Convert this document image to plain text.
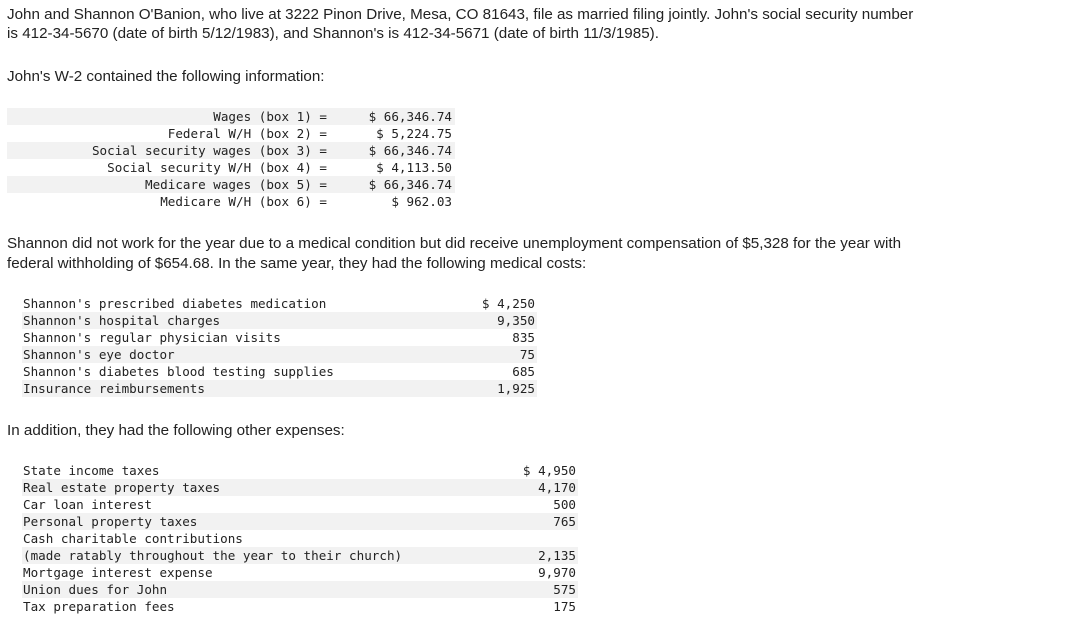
John and Shannon O'Banion, who live at 3222 Pinon Drive, Mesa, CO 81643, file as married filing jointly. John's social security number
is 412-34-5670 (date of birth 5/12/1983), and Shannon's is 412-34-5671 (date of birth 11/3/1985).
John's W-2 contained the following information:
Wages (box 1) =	$ 66,346.74
Federal W/H (box 2) =	$ 5,224.75
Social security wages (box 3) =	$ 66,346.74
Social security W/H (box 4) =	$ 4,113.50
Medicare wages (box 5) =	$ 66,346.74
Medicare W/H (box 6) =	$ 962.03
Shannon did not work for the year due to a medical condition but did receive unemployment compensation of $5,328 for the year with
federal withholding of $654.68. In the same year, they had the following medical costs:
Shannon's prescribed diabetes medication	$ 4,250
Shannon's hospital charges	9,350
Shannon's regular physician visits	835
Shannon's eye doctor	75
Shannon's diabetes blood testing supplies	685
Insurance reimbursements	1,925
In addition, they had the following other expenses:
State income taxes	$ 4,950
Real estate property taxes	4,170
Car loan interest	500
Personal property taxes	765
Cash charitable contributions
(made ratably throughout the year to their church)	2,135
Mortgage interest expense	9,970
Union dues for John	575
Tax preparation fees	175
